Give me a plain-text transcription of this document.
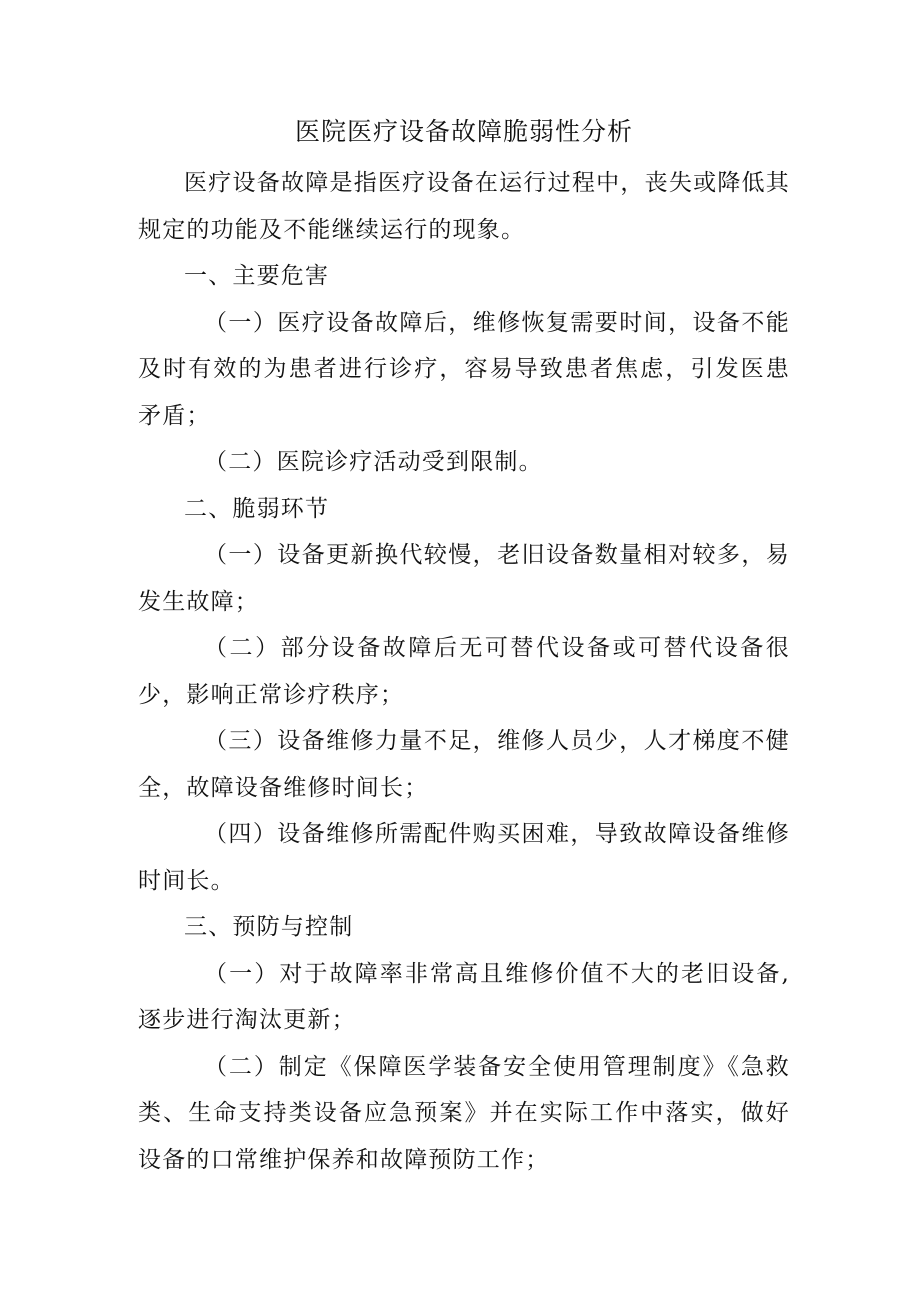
医院医疗设备故障脆弱性分析

医疗设备故障是指医疗设备在运行过程中，丧失或降低其规定的功能及不能继续运行的现象。

一、主要危害

（一）医疗设备故障后，维修恢复需要时间，设备不能及时有效的为患者进行诊疗，容易导致患者焦虑，引发医患矛盾；

（二）医院诊疗活动受到限制。

二、脆弱环节

（一）设备更新换代较慢，老旧设备数量相对较多，易发生故障；

（二）部分设备故障后无可替代设备或可替代设备很少，影响正常诊疗秩序；

（三）设备维修力量不足，维修人员少，人才梯度不健全，故障设备维修时间长；

（四）设备维修所需配件购买困难，导致故障设备维修时间长。

三、预防与控制

（一）对于故障率非常高且维修价值不大的老旧设备,逐步进行淘汰更新；

（二）制定《保障医学装备安全使用管理制度》《急救类、生命支持类设备应急预案》并在实际工作中落实，做好设备的口常维护保养和故障预防工作；
